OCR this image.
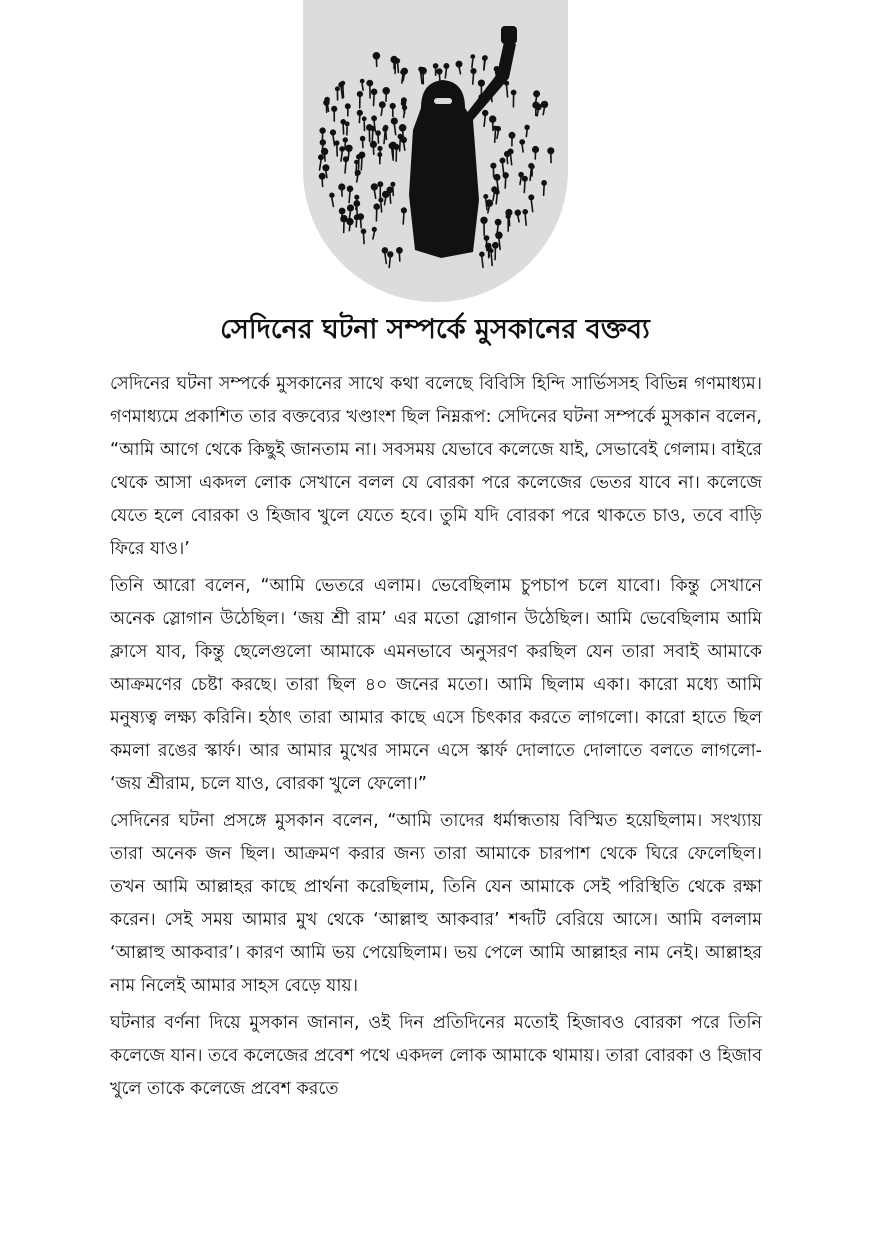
সেদিনের ঘটনা সম্পর্কে মুসকানের বক্তব্য

সেদিনের ঘটনা সম্পর্কে মুসকানের সাথে কথা বলেছে বিবিসি হিন্দি সার্ভিসসহ বিভিন্ন গণমাধ্যম। গণমাধ্যমে প্রকাশিত তার বক্তব্যের খণ্ডাংশ ছিল নিম্নরূপ: সেদিনের ঘটনা সম্পর্কে মুসকান বলেন, “আমি আগে থেকে কিছুই জানতাম না। সবসময় যেভাবে কলেজে যাই, সেভাবেই গেলাম। বাইরে থেকে আসা একদল লোক সেখানে বলল যে বোরকা পরে কলেজের ভেতর যাবে না। কলেজে যেতে হলে বোরকা ও হিজাব খুলে যেতে হবে। তুমি যদি বোরকা পরে থাকতে চাও, তবে বাড়ি ফিরে যাও।’

তিনি আরো বলেন, “আমি ভেতরে এলাম। ভেবেছিলাম চুপচাপ চলে যাবো। কিন্তু সেখানে অনেক স্লোগান উঠেছিল। ‘জয় শ্রী রাম’ এর মতো স্লোগান উঠেছিল। আমি ভেবেছিলাম আমি ক্লাসে যাব, কিন্তু ছেলেগুলো আমাকে এমনভাবে অনুসরণ করছিল যেন তারা সবাই আমাকে আক্রমণের চেষ্টা করছে। তারা ছিল ৪০ জনের মতো। আমি ছিলাম একা। কারো মধ্যে আমি মনুষ্যত্ব লক্ষ্য করিনি। হঠাৎ তারা আমার কাছে এসে চিৎকার করতে লাগলো। কারো হাতে ছিল কমলা রঙের স্কার্ফ। আর আমার মুখের সামনে এসে স্কার্ফ দোলাতে দোলাতে বলতে লাগলো- ‘জয় শ্রীরাম, চলে যাও, বোরকা খুলে ফেলো।”

সেদিনের ঘটনা প্রসঙ্গে মুসকান বলেন, “আমি তাদের ধর্মান্ধতায় বিস্মিত হয়েছিলাম। সংখ্যায় তারা অনেক জন ছিল। আক্রমণ করার জন্য তারা আমাকে চারপাশ থেকে ঘিরে ফেলেছিল। তখন আমি আল্লাহর কাছে প্রার্থনা করেছিলাম, তিনি যেন আমাকে সেই পরিস্থিতি থেকে রক্ষা করেন। সেই সময় আমার মুখ থেকে ‘আল্লাহু আকবার’ শব্দটি বেরিয়ে আসে। আমি বললাম ‘আল্লাহু আকবার’। কারণ আমি ভয় পেয়েছিলাম। ভয় পেলে আমি আল্লাহর নাম নেই। আল্লাহর নাম নিলেই আমার সাহস বেড়ে যায়।

ঘটনার বর্ণনা দিয়ে মুসকান জানান, ওই দিন প্রতিদিনের মতোই হিজাবও বোরকা পরে তিনি কলেজে যান। তবে কলেজের প্রবেশ পথে একদল লোক আমাকে থামায়। তারা বোরকা ও হিজাব খুলে তাকে কলেজে প্রবেশ করতে
